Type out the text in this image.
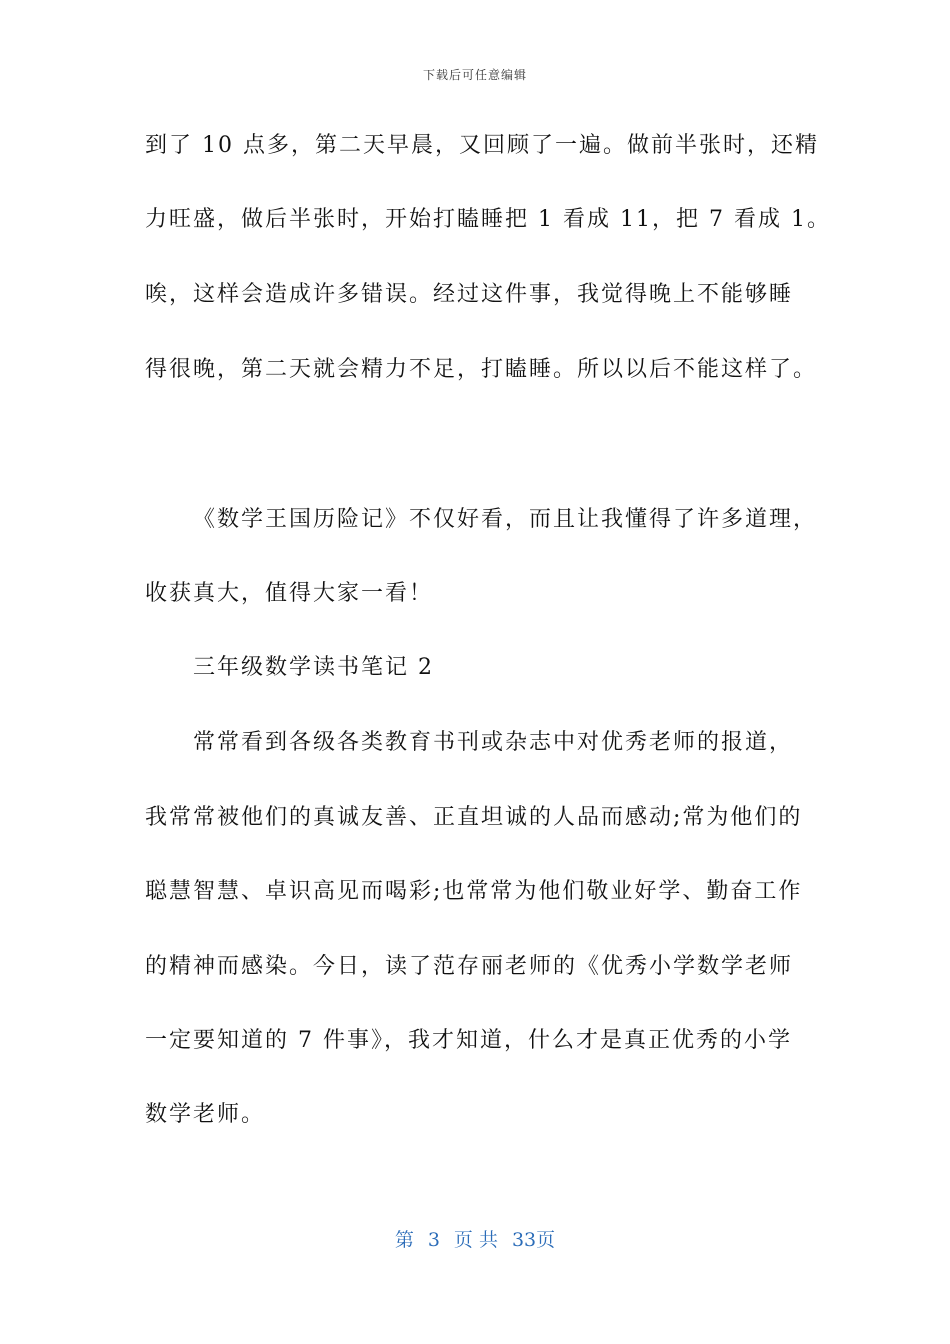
下载后可任意编辑
到了 10 点多，第二天早晨，又回顾了一遍。做前半张时，还精
力旺盛，做后半张时，开始打瞌睡把 1 看成 11，把 7 看成 1。
唉，这样会造成许多错误。经过这件事，我觉得晚上不能够睡
得很晚，第二天就会精力不足，打瞌睡。所以以后不能这样了。
《数学王国历险记》不仅好看，而且让我懂得了许多道理，
收获真大，值得大家一看！
三年级数学读书笔记 2
常常看到各级各类教育书刊或杂志中对优秀老师的报道，
我常常被他们的真诚友善、正直坦诚的人品而感动;常为他们的
聪慧智慧、卓识高见而喝彩;也常常为他们敬业好学、勤奋工作
的精神而感染。今日，读了范存丽老师的《优秀小学数学老师
一定要知道的 7 件事》，我才知道，什么才是真正优秀的小学
数学老师。
第 3 页 共 33页
